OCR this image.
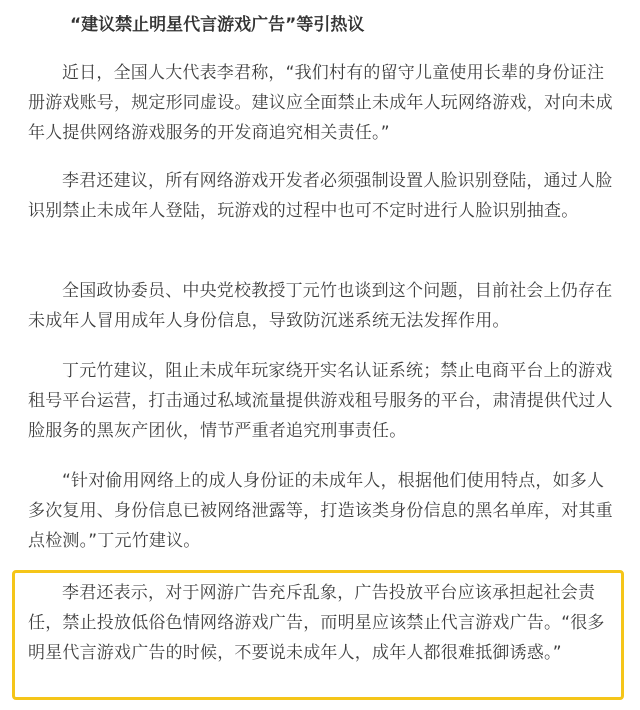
“建议禁止明星代言游戏广告”等引热议

近日，全国人大代表李君称，“我们村有的留守儿童使用长辈的身份证注册游戏账号，规定形同虚设。建议应全面禁止未成年人玩网络游戏，对向未成年人提供网络游戏服务的开发商追究相关责任。”

李君还建议，所有网络游戏开发者必须强制设置人脸识别登陆，通过人脸识别禁止未成年人登陆，玩游戏的过程中也可不定时进行人脸识别抽查。

全国政协委员、中央党校教授丁元竹也谈到这个问题，目前社会上仍存在未成年人冒用成年人身份信息，导致防沉迷系统无法发挥作用。

丁元竹建议，阻止未成年玩家绕开实名认证系统；禁止电商平台上的游戏租号平台运营，打击通过私域流量提供游戏租号服务的平台，肃清提供代过人脸服务的黑灰产团伙，情节严重者追究刑事责任。

“针对偷用网络上的成人身份证的未成年人，根据他们使用特点，如多人多次复用、身份信息已被网络泄露等，打造该类身份信息的黑名单库，对其重点检测。”丁元竹建议。

李君还表示，对于网游广告充斥乱象，广告投放平台应该承担起社会责任，禁止投放低俗色情网络游戏广告，而明星应该禁止代言游戏广告。“很多明星代言游戏广告的时候，不要说未成年人，成年人都很难抵御诱惑。”
